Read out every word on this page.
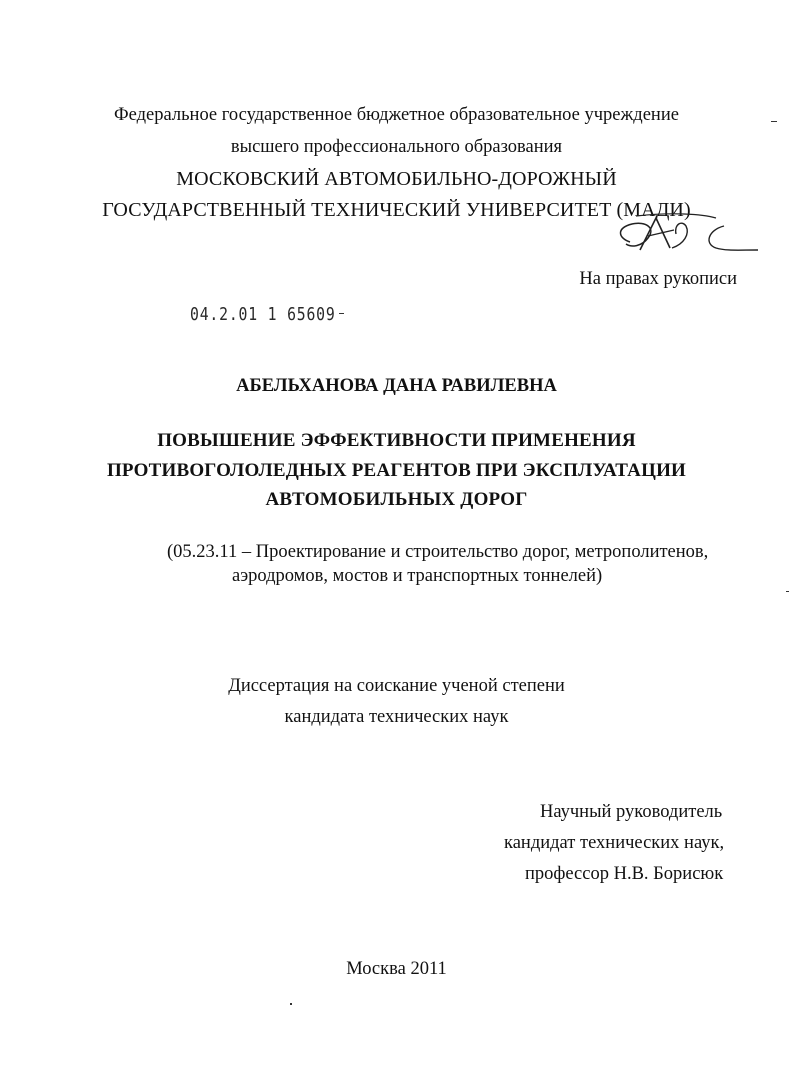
Федеральное государственное бюджетное образовательное учреждение
высшего профессионального образования
МОСКОВСКИЙ АВТОМОБИЛЬНО-ДОРОЖНЫЙ
ГОСУДАРСТВЕННЫЙ ТЕХНИЧЕСКИЙ УНИВЕРСИТЕТ (МАДИ)
На правах рукописи
04.2.01 1 65609
АБЕЛЬХАНОВА ДАНА РАВИЛЕВНА
ПОВЫШЕНИЕ ЭФФЕКТИВНОСТИ ПРИМЕНЕНИЯ
ПРОТИВОГОЛОЛЕДНЫХ РЕАГЕНТОВ ПРИ ЭКСПЛУАТАЦИИ
АВТОМОБИЛЬНЫХ ДОРОГ
(05.23.11 – Проектирование и строительство дорог, метрополитенов,
аэродромов, мостов и транспортных тоннелей)
Диссертация на соискание ученой степени
кандидата технических наук
Научный руководитель
кандидат технических наук,
профессор Н.В. Борисюк
Москва 2011
